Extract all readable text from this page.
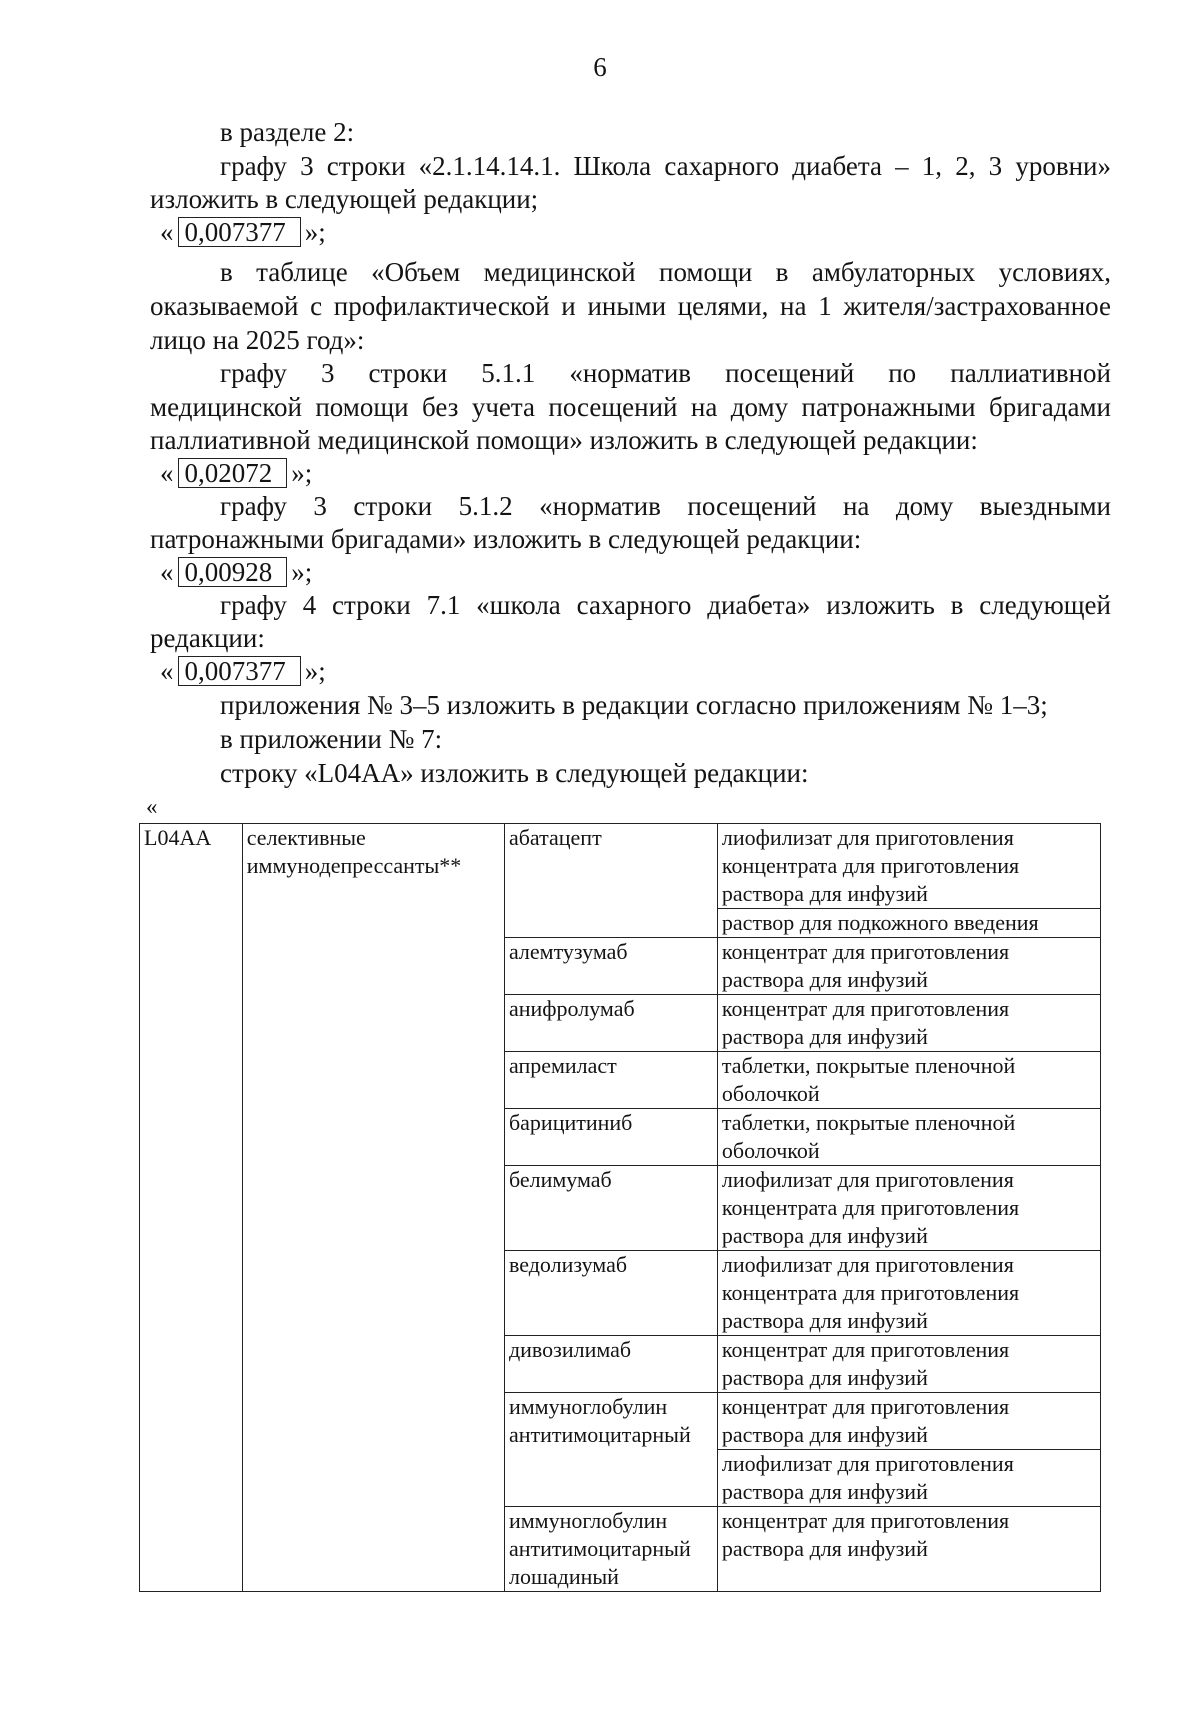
6
в разделе 2:
графу 3 строки «2.1.14.14.1. Школа сахарного диабета – 1, 2, 3 уровни»
изложить в следующей редакции;
« 0,007377 »;
в таблице «Объем медицинской помощи в амбулаторных условиях,
оказываемой с профилактической и иными целями, на 1 жителя/застрахованное
лицо на 2025 год»:
графу 3 строки 5.1.1 «норматив посещений по паллиативной
медицинской помощи без учета посещений на дому патронажными бригадами
паллиативной медицинской помощи» изложить в следующей редакции:
« 0,02072 »;
графу 3 строки 5.1.2 «норматив посещений на дому выездными
патронажными бригадами» изложить в следующей редакции:
« 0,00928 »;
графу 4 строки 7.1 «школа сахарного диабета» изложить в следующей
редакции:
« 0,007377 »;
приложения № 3–5 изложить в редакции согласно приложениям № 1–3;
в приложении № 7:
строку «L04AA» изложить в следующей редакции:
«
L04AA	селективные иммунодепрессанты**	абатацепт	лиофилизат для приготовления концентрата для приготовления раствора для инфузий
			раствор для подкожного введения
		алемтузумаб	концентрат для приготовления раствора для инфузий
		анифролумаб	концентрат для приготовления раствора для инфузий
		апремиласт	таблетки, покрытые пленочной оболочкой
		барицитиниб	таблетки, покрытые пленочной оболочкой
		белимумаб	лиофилизат для приготовления концентрата для приготовления раствора для инфузий
		ведолизумаб	лиофилизат для приготовления концентрата для приготовления раствора для инфузий
		дивозилимаб	концентрат для приготовления раствора для инфузий
		иммуноглобулин антитимоцитарный	концентрат для приготовления раствора для инфузий
			лиофилизат для приготовления раствора для инфузий
		иммуноглобулин антитимоцитарный лошадиный	концентрат для приготовления раствора для инфузий
